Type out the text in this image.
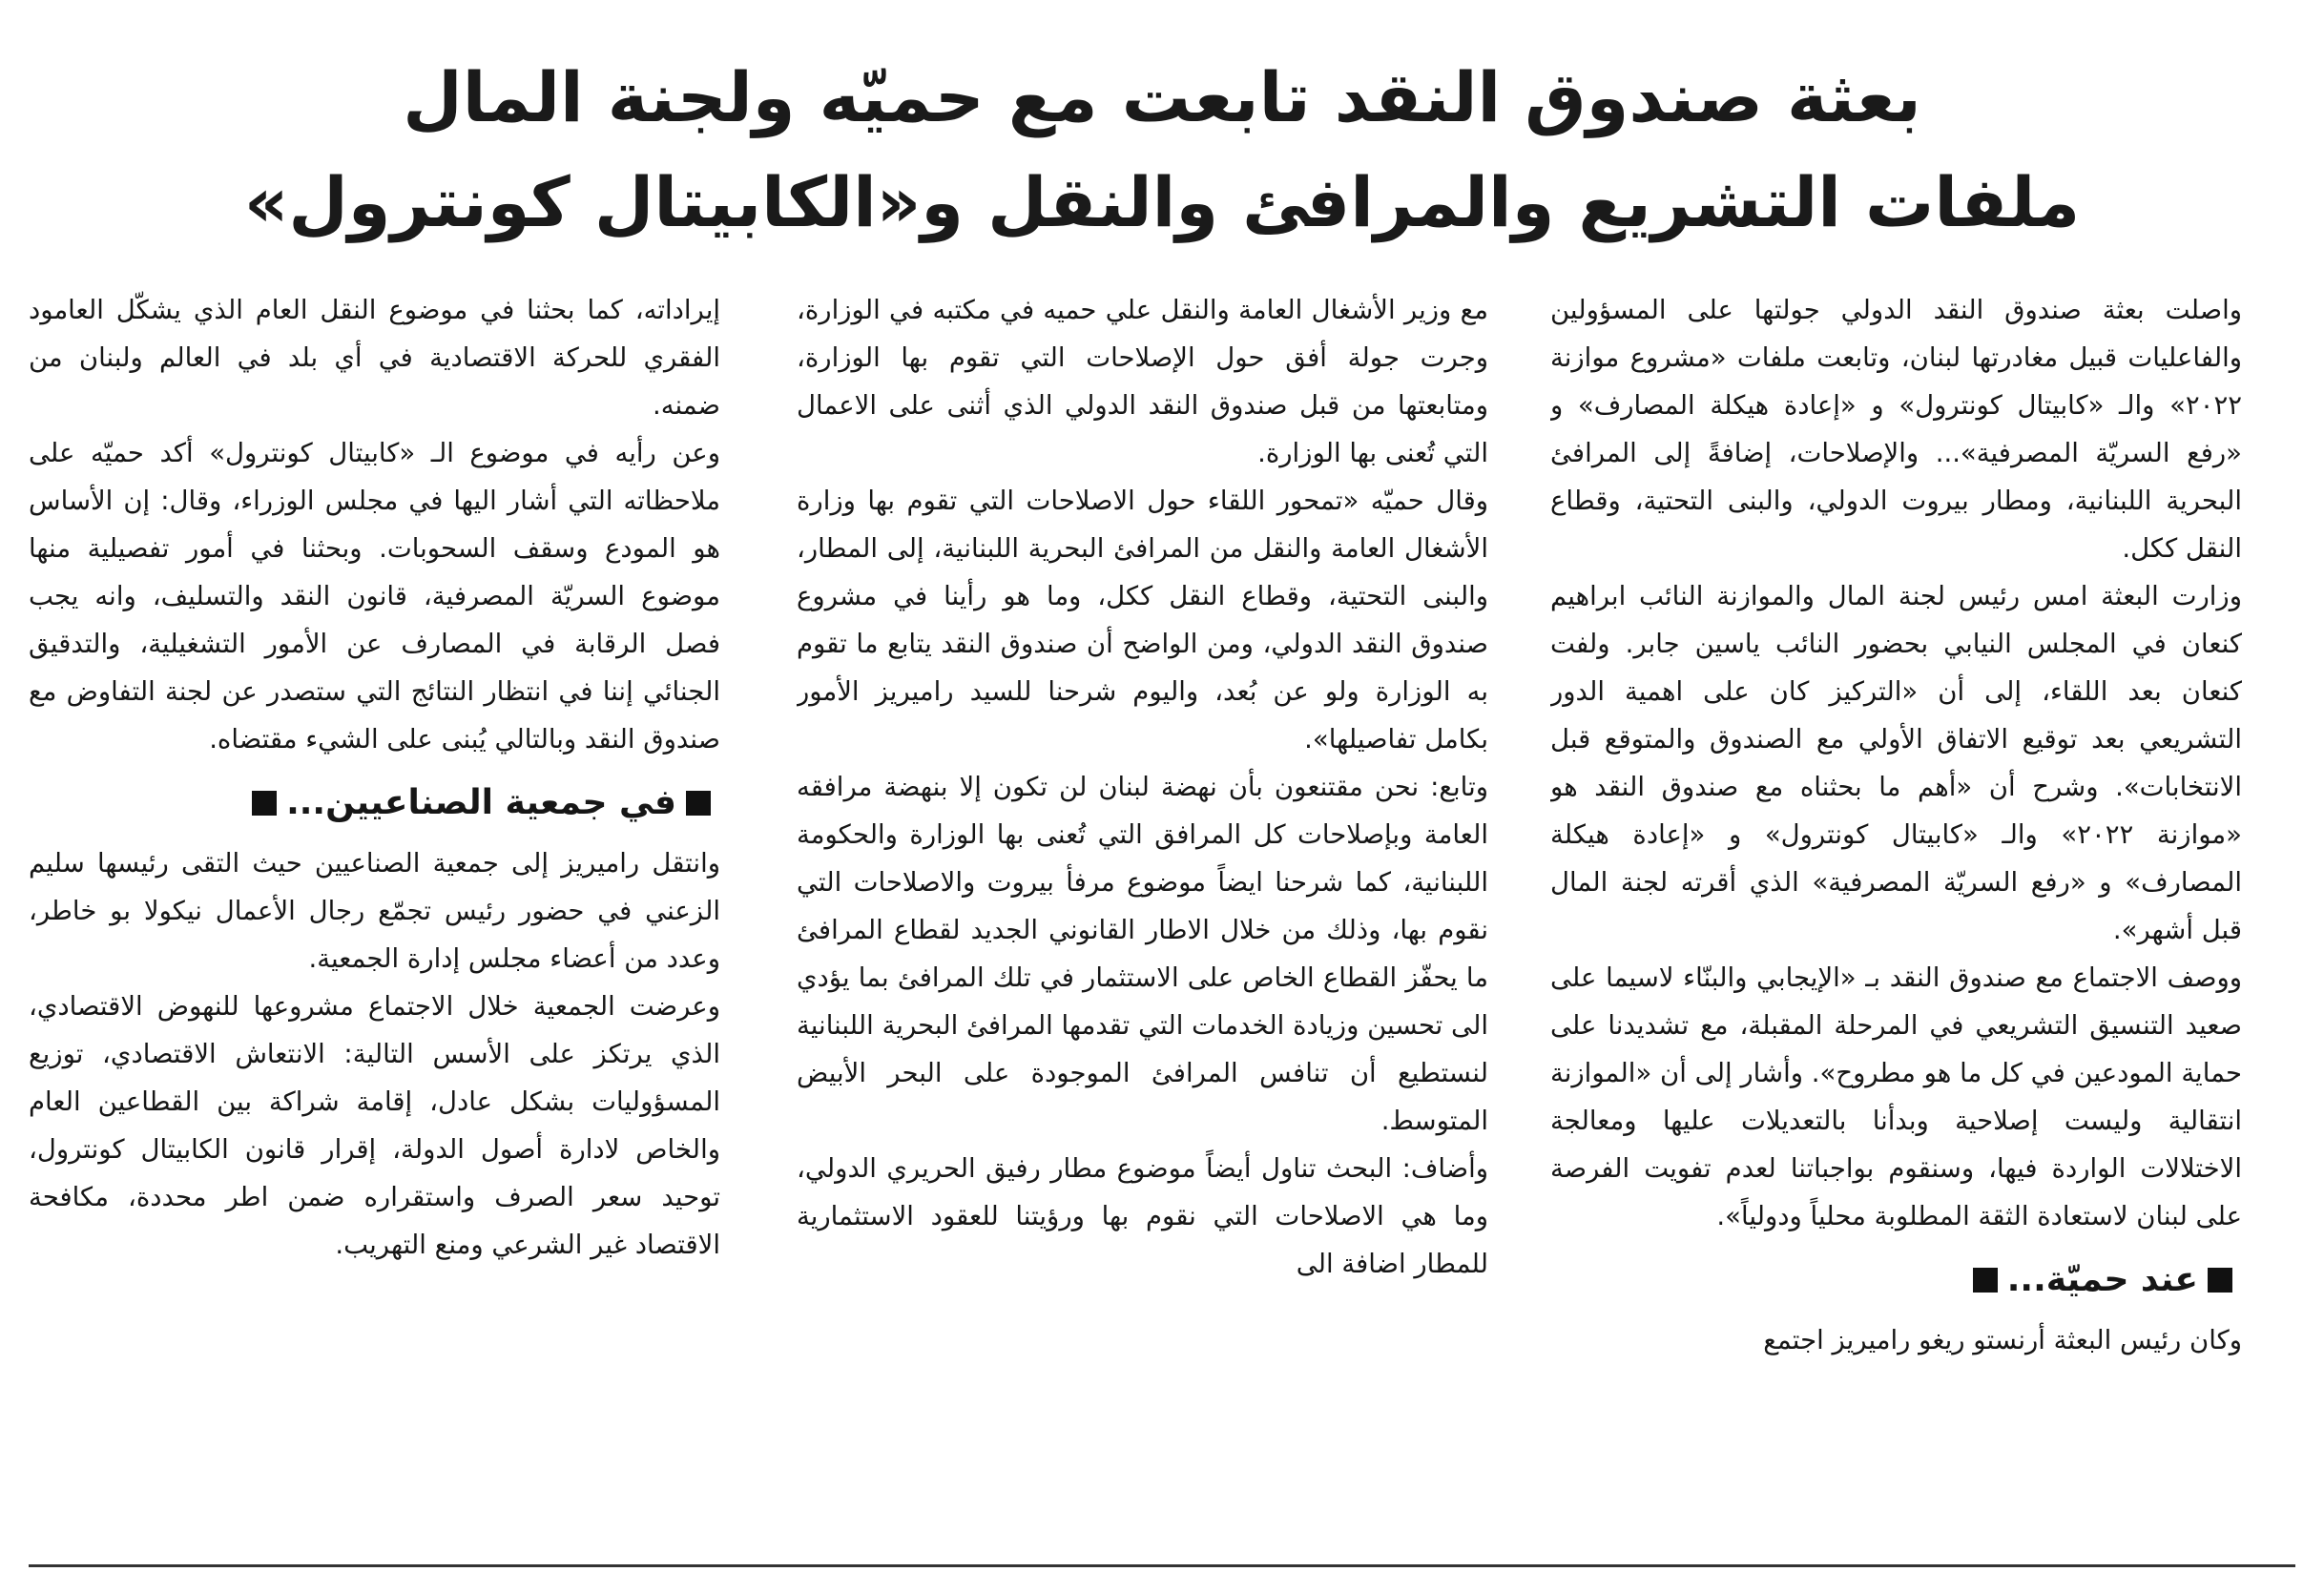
بعثة صندوق النقد تابعت مع حميّه ولجنة المال
ملفات التشريع والمرافئ والنقل و«الكابيتال كونترول»

واصلت بعثة صندوق النقد الدولي جولتها على المسؤولين والفاعليات قبيل مغادرتها لبنان، وتابعت ملفات «مشروع موازنة ٢٠٢٢» والـ «كابيتال كونترول» و «إعادة هيكلة المصارف» و «رفع السريّة المصرفية»... والإصلاحات، إضافةً إلى المرافئ البحرية اللبنانية، ومطار بيروت الدولي، والبنى التحتية، وقطاع النقل ككل.

وزارت البعثة امس رئيس لجنة المال والموازنة النائب ابراهيم كنعان في المجلس النيابي بحضور النائب ياسين جابر. ولفت كنعان بعد اللقاء، إلى أن «التركيز كان على اهمية الدور التشريعي بعد توقيع الاتفاق الأولي مع الصندوق والمتوقع قبل الانتخابات». وشرح أن «أهم ما بحثناه مع صندوق النقد هو «موازنة ٢٠٢٢» والـ «كابيتال كونترول» و «إعادة هيكلة المصارف» و «رفع السريّة المصرفية» الذي أقرته لجنة المال قبل أشهر».

ووصف الاجتماع مع صندوق النقد بـ «الإيجابي والبنّاء لاسيما على صعيد التنسيق التشريعي في المرحلة المقبلة، مع تشديدنا على حماية المودعين في كل ما هو مطروح». وأشار إلى أن «الموازنة انتقالية وليست إصلاحية وبدأنا بالتعديلات عليها ومعالجة الاختلالات الواردة فيها، وسنقوم بواجباتنا لعدم تفويت الفرصة على لبنان لاستعادة الثقة المطلوبة محلياً ودولياً».

عند حميّة...

وكان رئيس البعثة أرنستو ريغو راميريز اجتمع

مع وزير الأشغال العامة والنقل علي حميه في مكتبه في الوزارة، وجرت جولة أفق حول الإصلاحات التي تقوم بها الوزارة، ومتابعتها من قبل صندوق النقد الدولي الذي أثنى على الاعمال التي تُعنى بها الوزارة.

وقال حميّه «تمحور اللقاء حول الاصلاحات التي تقوم بها وزارة الأشغال العامة والنقل من المرافئ البحرية اللبنانية، إلى المطار، والبنى التحتية، وقطاع النقل ككل، وما هو رأينا في مشروع صندوق النقد الدولي، ومن الواضح أن صندوق النقد يتابع ما تقوم به الوزارة ولو عن بُعد، واليوم شرحنا للسيد راميريز الأمور بكامل تفاصيلها».

وتابع: نحن مقتنعون بأن نهضة لبنان لن تكون إلا بنهضة مرافقه العامة وبإصلاحات كل المرافق التي تُعنى بها الوزارة والحكومة اللبنانية، كما شرحنا ايضاً موضوع مرفأ بيروت والاصلاحات التي نقوم بها، وذلك من خلال الاطار القانوني الجديد لقطاع المرافئ ما يحفّز القطاع الخاص على الاستثمار في تلك المرافئ بما يؤدي الى تحسين وزيادة الخدمات التي تقدمها المرافئ البحرية اللبنانية لنستطيع أن تنافس المرافئ الموجودة على البحر الأبيض المتوسط.

وأضاف: البحث تناول أيضاً موضوع مطار رفيق الحريري الدولي، وما هي الاصلاحات التي نقوم بها ورؤيتنا للعقود الاستثمارية للمطار اضافة الى

إيراداته، كما بحثنا في موضوع النقل العام الذي يشكّل العامود الفقري للحركة الاقتصادية في أي بلد في العالم ولبنان من ضمنه.

وعن رأيه في موضوع الـ «كابيتال كونترول» أكد حميّه على ملاحظاته التي أشار اليها في مجلس الوزراء، وقال: إن الأساس هو المودع وسقف السحوبات. وبحثنا في أمور تفصيلية منها موضوع السريّة المصرفية، قانون النقد والتسليف، وانه يجب فصل الرقابة في المصارف عن الأمور التشغيلية، والتدقيق الجنائي إننا في انتظار النتائج التي ستصدر عن لجنة التفاوض مع صندوق النقد وبالتالي يُبنى على الشيء مقتضاه.

في جمعية الصناعيين...

وانتقل راميريز إلى جمعية الصناعيين حيث التقى رئيسها سليم الزعني في حضور رئيس تجمّع رجال الأعمال نيكولا بو خاطر، وعدد من أعضاء مجلس إدارة الجمعية.

وعرضت الجمعية خلال الاجتماع مشروعها للنهوض الاقتصادي، الذي يرتكز على الأسس التالية: الانتعاش الاقتصادي، توزيع المسؤوليات بشكل عادل، إقامة شراكة بين القطاعين العام والخاص لادارة أصول الدولة، إقرار قانون الكابيتال كونترول، توحيد سعر الصرف واستقراره ضمن اطر محددة، مكافحة الاقتصاد غير الشرعي ومنع التهريب.
